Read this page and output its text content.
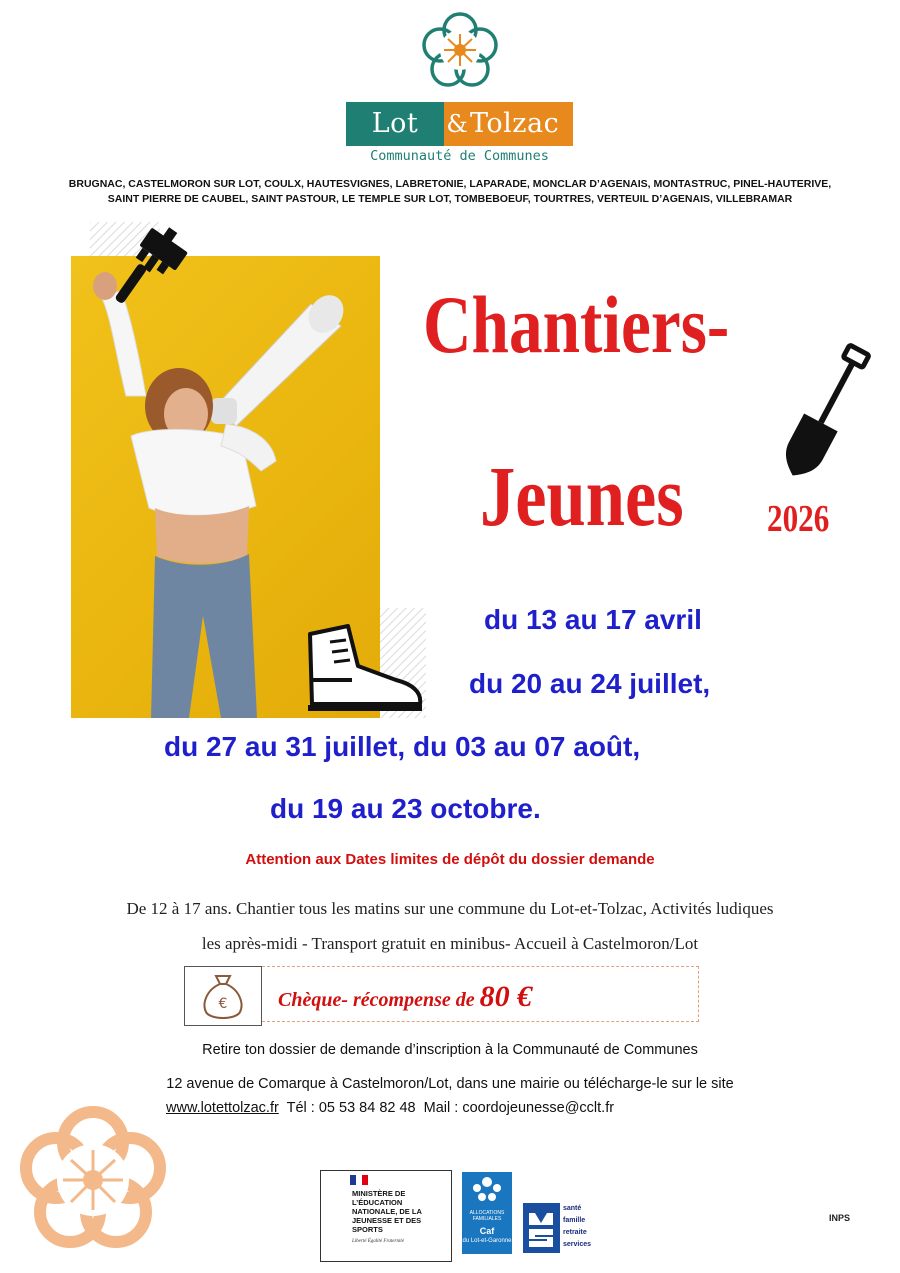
Lot	& Tolzac
Communauté de Communes
BRUGNAC, CASTELMORON SUR LOT, COULX, HAUTESVIGNES, LABRETONIE, LAPARADE, MONCLAR D’AGENAIS, MONTASTRUC, PINEL-HAUTERIVE,
SAINT PIERRE DE CAUBEL, SAINT PASTOUR, LE TEMPLE SUR LOT, TOMBEBOEUF, TOURTRES, VERTEUIL D’AGENAIS, VILLEBRAMAR
Chantiers-
Jeunes 2026
du 13 au 17 avril
du 20 au 24 juillet,
du 27 au 31 juillet, du 03 au 07 août,
du 19 au 23 octobre.
Attention aux Dates limites de dépôt du dossier demande
De 12 à 17 ans. Chantier tous les matins sur une commune du Lot-et-Tolzac, Activités ludiques
les après-midi - Transport gratuit en minibus- Accueil à Castelmoron/Lot
€	Chèque- récompense de 80 €
Retire ton dossier de demande d’inscription à la Communauté de Communes
12 avenue de Comarque à Castelmoron/Lot, dans une mairie ou télécharge-le sur le site
www.lotettolzac.fr  Tél : 05 53 84 82 48  Mail : coordojeunesse@cclt.fr
MINISTÈRE DE L’ÉDUCATION NATIONALE, DE LA JEUNESSE ET DES SPORTS
Liberté Égalité Fraternité
ALLOCATIONS FAMILIALES
Caf
du Lot-et-Garonne
santé
famille
retraite
services
INPS
